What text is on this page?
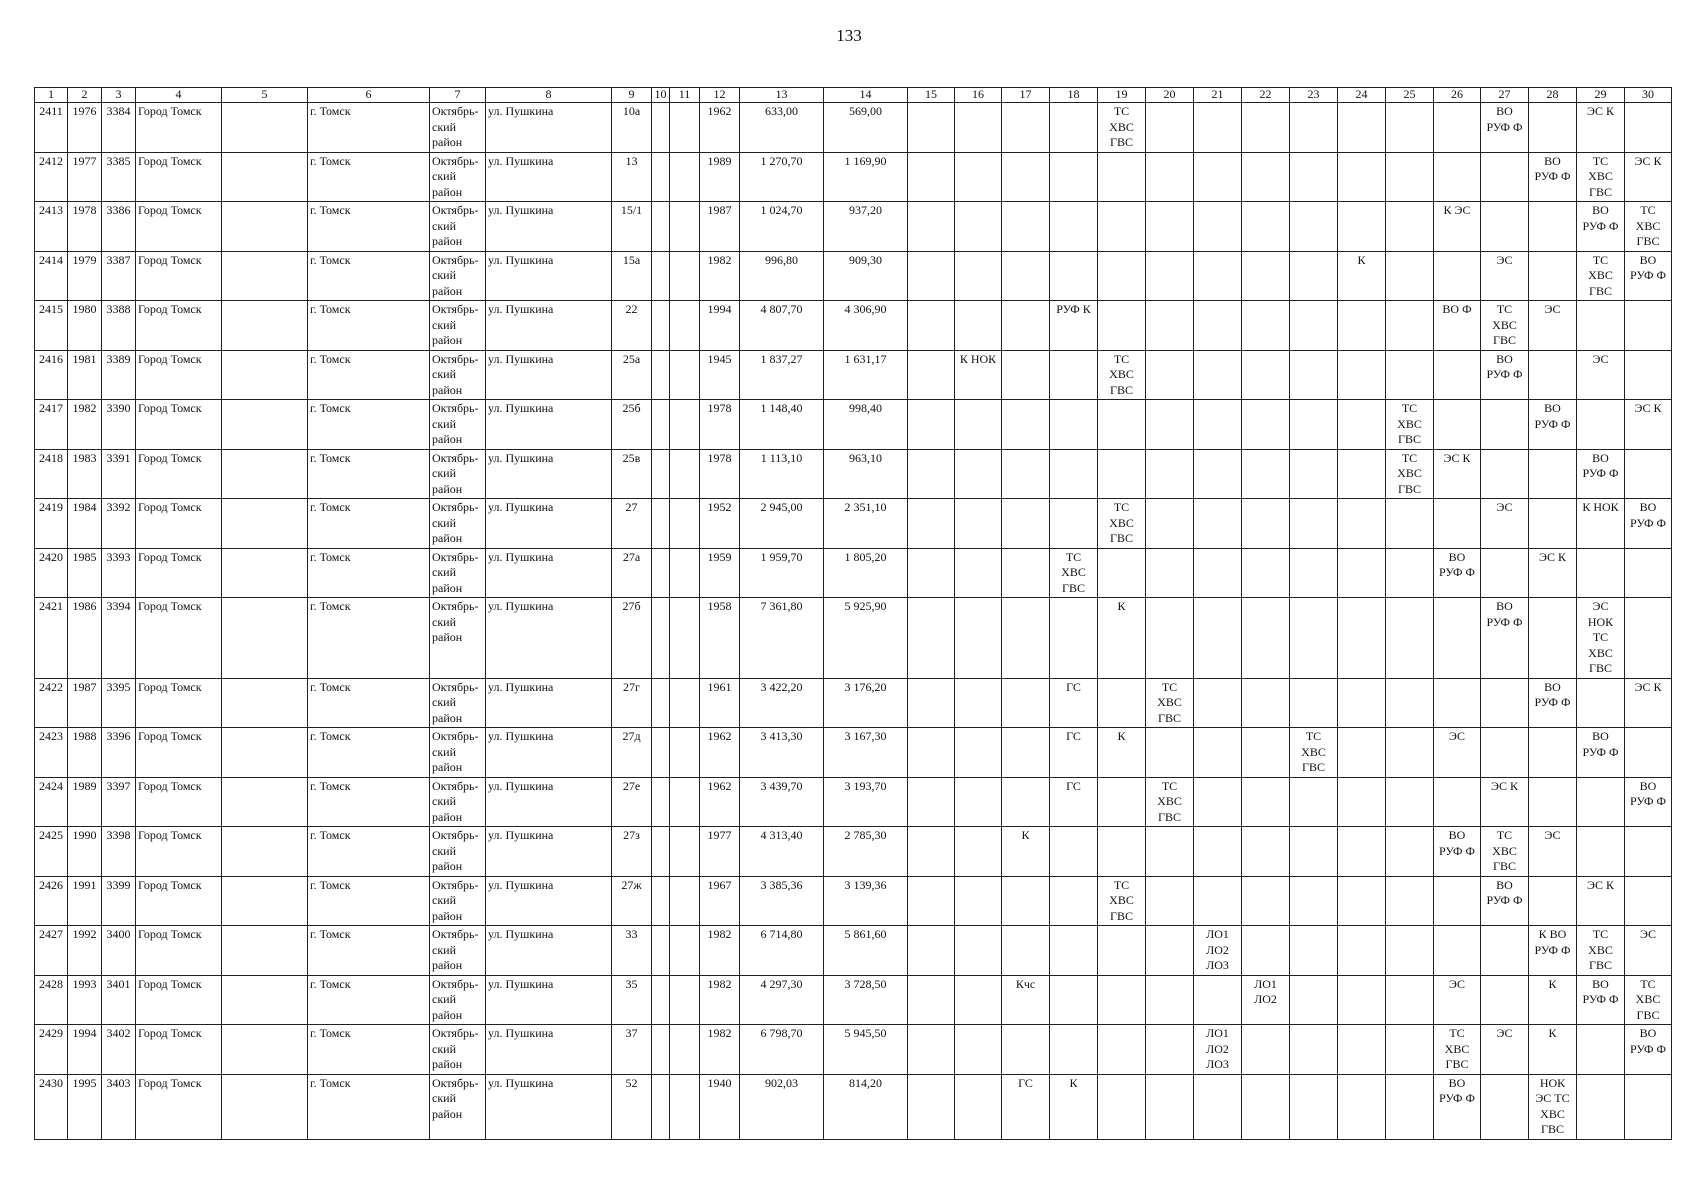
133
1	2	3	4	5	6	7	8	9	10	11	12	13	14	15	16	17	18	19	20	21	22	23	24	25	26	27	28	29	30
2411	1976	3384	Город Томск		г. Томск	Октябрь-
ский
район	ул. Пушкина	10а			1962	633,00	569,00					ТС
ХВС
ГВС								ВО
РУФ Ф		ЭС К	
2412	1977	3385	Город Томск		г. Томск	Октябрь-
ский
район	ул. Пушкина	13			1989	1 270,70	1 169,90														ВО
РУФ Ф	ТС
ХВС
ГВС	ЭС К
2413	1978	3386	Город Томск		г. Томск	Октябрь-
ский
район	ул. Пушкина	15/1			1987	1 024,70	937,20												К ЭС			ВО
РУФ Ф	ТС
ХВС
ГВС
2414	1979	3387	Город Томск		г. Томск	Октябрь-
ский
район	ул. Пушкина	15а			1982	996,80	909,30										К			ЭС		ТС
ХВС
ГВС	ВО
РУФ Ф
2415	1980	3388	Город Томск		г. Томск	Октябрь-
ский
район	ул. Пушкина	22			1994	4 807,70	4 306,90				РУФ К								ВО Ф	ТС
ХВС
ГВС	ЭС		
2416	1981	3389	Город Томск		г. Томск	Октябрь-
ский
район	ул. Пушкина	25а			1945	1 837,27	1 631,17		К НОК			ТС
ХВС
ГВС								ВО
РУФ Ф		ЭС	
2417	1982	3390	Город Томск		г. Томск	Октябрь-
ский
район	ул. Пушкина	25б			1978	1 148,40	998,40											ТС
ХВС
ГВС			ВО
РУФ Ф		ЭС К
2418	1983	3391	Город Томск		г. Томск	Октябрь-
ский
район	ул. Пушкина	25в			1978	1 113,10	963,10											ТС
ХВС
ГВС	ЭС К			ВО
РУФ Ф	
2419	1984	3392	Город Томск		г. Томск	Октябрь-
ский
район	ул. Пушкина	27			1952	2 945,00	2 351,10					ТС
ХВС
ГВС								ЭС		К НОК	ВО
РУФ Ф
2420	1985	3393	Город Томск		г. Томск	Октябрь-
ский
район	ул. Пушкина	27а			1959	1 959,70	1 805,20				ТС
ХВС
ГВС								ВО
РУФ Ф		ЭС К		
2421	1986	3394	Город Томск		г. Томск	Октябрь-
ский
район	ул. Пушкина	27б			1958	7 361,80	5 925,90					К								ВО
РУФ Ф		ЭС
НОК
ТС
ХВС
ГВС	
2422	1987	3395	Город Томск		г. Томск	Октябрь-
ский
район	ул. Пушкина	27г			1961	3 422,20	3 176,20				ГС		ТС
ХВС
ГВС								ВО
РУФ Ф		ЭС К
2423	1988	3396	Город Томск		г. Томск	Октябрь-
ский
район	ул. Пушкина	27д			1962	3 413,30	3 167,30				ГС	К				ТС
ХВС
ГВС			ЭС			ВО
РУФ Ф	
2424	1989	3397	Город Томск		г. Томск	Октябрь-
ский
район	ул. Пушкина	27е			1962	3 439,70	3 193,70				ГС		ТС
ХВС
ГВС							ЭС К			ВО
РУФ Ф
2425	1990	3398	Город Томск		г. Томск	Октябрь-
ский
район	ул. Пушкина	27з			1977	4 313,40	2 785,30			К									ВО
РУФ Ф	ТС
ХВС
ГВС	ЭС		
2426	1991	3399	Город Томск		г. Томск	Октябрь-
ский
район	ул. Пушкина	27ж			1967	3 385,36	3 139,36					ТС
ХВС
ГВС								ВО
РУФ Ф		ЭС К	
2427	1992	3400	Город Томск		г. Томск	Октябрь-
ский
район	ул. Пушкина	33			1982	6 714,80	5 861,60							ЛО1
ЛО2
ЛО3							К ВО
РУФ Ф	ТС
ХВС
ГВС	ЭС
2428	1993	3401	Город Томск		г. Томск	Октябрь-
ский
район	ул. Пушкина	35			1982	4 297,30	3 728,50			Кчс					ЛО1
ЛО2				ЭС		К	ВО
РУФ Ф	ТС
ХВС
ГВС
2429	1994	3402	Город Томск		г. Томск	Октябрь-
ский
район	ул. Пушкина	37			1982	6 798,70	5 945,50							ЛО1
ЛО2
ЛО3					ТС
ХВС
ГВС	ЭС	К		ВО
РУФ Ф
2430	1995	3403	Город Томск		г. Томск	Октябрь-
ский
район	ул. Пушкина	52			1940	902,03	814,20			ГС	К								ВО
РУФ Ф		НОК
ЭС ТС
ХВС
ГВС		
